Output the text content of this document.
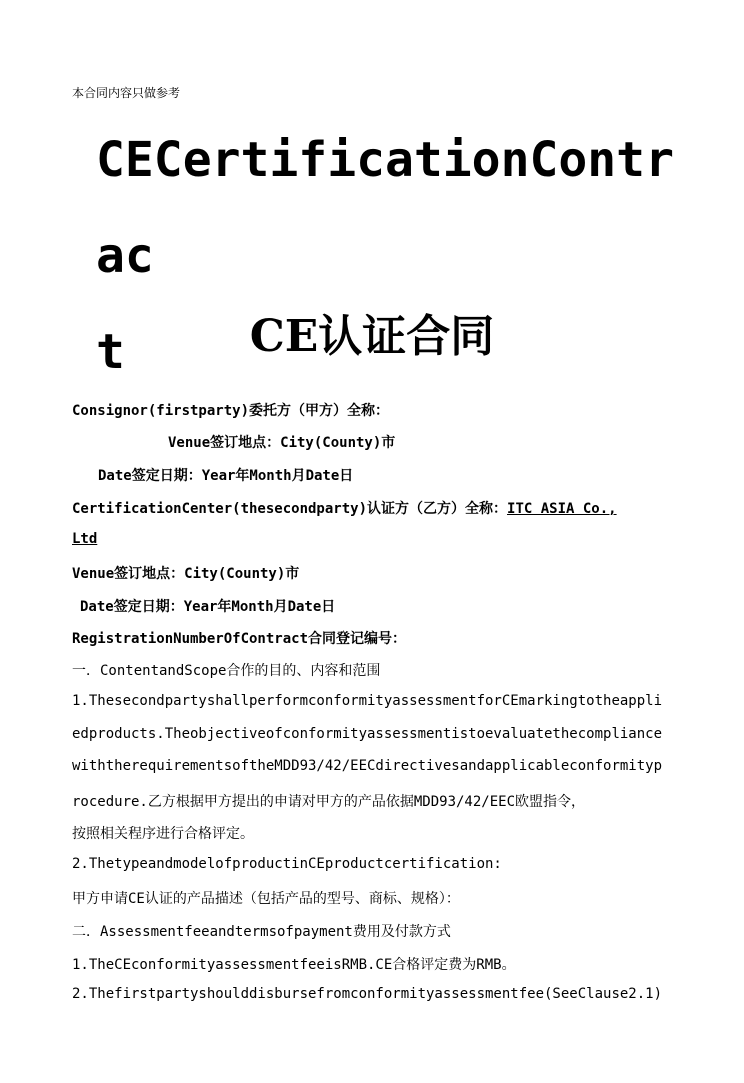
本合同内容只做参考
CECertificationContrac
t	CE认证合同
Consignor(firstparty)委托方（甲方）全称：
Venue签订地点：City(County)市
Date签定日期：Year年Month月Date日
CertificationCenter(thesecondparty)认证方（乙方）全称：ITC ASIA Co.,
Ltd
Venue签订地点：City(County)市
Date签定日期：Year年Month月Date日
RegistrationNumberOfContract合同登记编号：
一．ContentandScope合作的目的、内容和范围
1.ThesecondpartyshallperformconformityassessmentforCEmarkingtotheappli
edproducts.Theobjectiveofconformityassessmentistoevaluatethecompliance
withtherequirementsoftheMDD93/42/EECdirectivesandapplicableconformityp
rocedure.乙方根据甲方提出的申请对甲方的产品依据MDD93/42/EEC欧盟指令，
按照相关程序进行合格评定。
2.ThetypeandmodelofproductinCEproductcertification:
甲方申请CE认证的产品描述（包括产品的型号、商标、规格）：
二．Assessmentfeeandtermsofpayment费用及付款方式
1.TheCEconformityassessmentfeeisRMB.CE合格评定费为RMB。
2.Thefirstpartyshoulddisbursefromconformityassessmentfee(SeeClause2.1)
